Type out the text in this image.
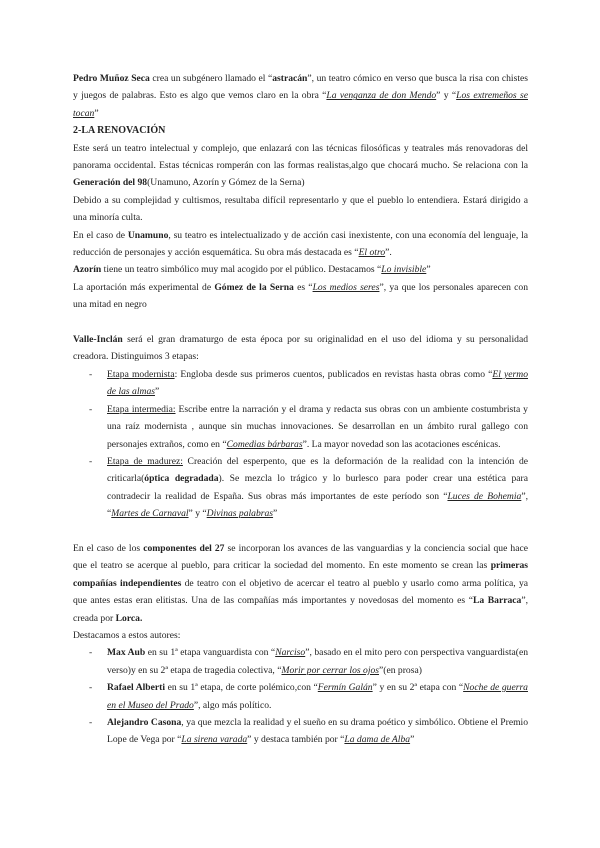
Pedro Muñoz Seca crea un subgénero llamado el “astracán”, un teatro cómico en verso que busca la risa con chistes y juegos de palabras. Esto es algo que vemos claro en la obra “La venganza de don Mendo” y “Los extremeños se tocan”

2-LA RENOVACIÓN

Este será un teatro intelectual y complejo, que enlazará con las técnicas filosóficas y teatrales más renovadoras del panorama occidental. Estas técnicas romperán con las formas realistas,algo que chocará mucho. Se relaciona con la Generación del 98(Unamuno, Azorín y Gómez de la Serna)

Debido a su complejidad y cultismos, resultaba difícil representarlo y que el pueblo lo entendiera. Estará dirigido a una minoría culta.

En el caso de Unamuno, su teatro es intelectualizado y de acción casi inexistente, con una economía del lenguaje, la reducción de personajes y acción esquemática. Su obra más destacada es “El otro”.

Azorín tiene un teatro simbólico muy mal acogido por el público. Destacamos “Lo invisible”

La aportación más experimental de Gómez de la Serna es “Los medios seres”, ya que los personales aparecen con una mitad en negro

Valle-Inclán será el gran dramaturgo de esta época por su originalidad en el uso del idioma y su personalidad creadora. Distinguimos 3 etapas:

- Etapa modernista: Engloba desde sus primeros cuentos, publicados en revistas hasta obras como “El yermo de las almas”
- Etapa intermedia: Escribe entre la narración y el drama y redacta sus obras con un ambiente costumbrista y una raíz modernista , aunque sin muchas innovaciones. Se desarrollan en un ámbito rural gallego con personajes extraños, como en “Comedias bárbaras”. La mayor novedad son las acotaciones escénicas.
- Etapa de madurez: Creación del esperpento, que es la deformación de la realidad con la intención de criticarla(óptica degradada). Se mezcla lo trágico y lo burlesco para poder crear una estética para contradecir la realidad de España. Sus obras más importantes de este período son “Luces de Bohemia”, “Martes de Carnaval” y “Divinas palabras”

En el caso de los componentes del 27 se incorporan los avances de las vanguardias y la conciencia social que hace que el teatro se acerque al pueblo, para criticar la sociedad del momento. En este momento se crean las primeras compañías independientes de teatro con el objetivo de acercar el teatro al pueblo y usarlo como arma política, ya que antes estas eran elitistas. Una de las compañías más importantes y novedosas del momento es “La Barraca”, creada por Lorca.

Destacamos a estos autores:

- Max Aub en su 1ª etapa vanguardista con “Narciso”, basado en el mito pero con perspectiva vanguardista(en verso)y en su 2ª etapa de tragedia colectiva, “Morir por cerrar los ojos”(en prosa)
- Rafael Alberti en su 1ª etapa, de corte polémico,con “Fermín Galán” y en su 2ª etapa con “Noche de guerra en el Museo del Prado”, algo más político.
- Alejandro Casona, ya que mezcla la realidad y el sueño en su drama poético y simbólico. Obtiene el Premio Lope de Vega por “La sirena varada” y destaca también por “La dama de Alba”
